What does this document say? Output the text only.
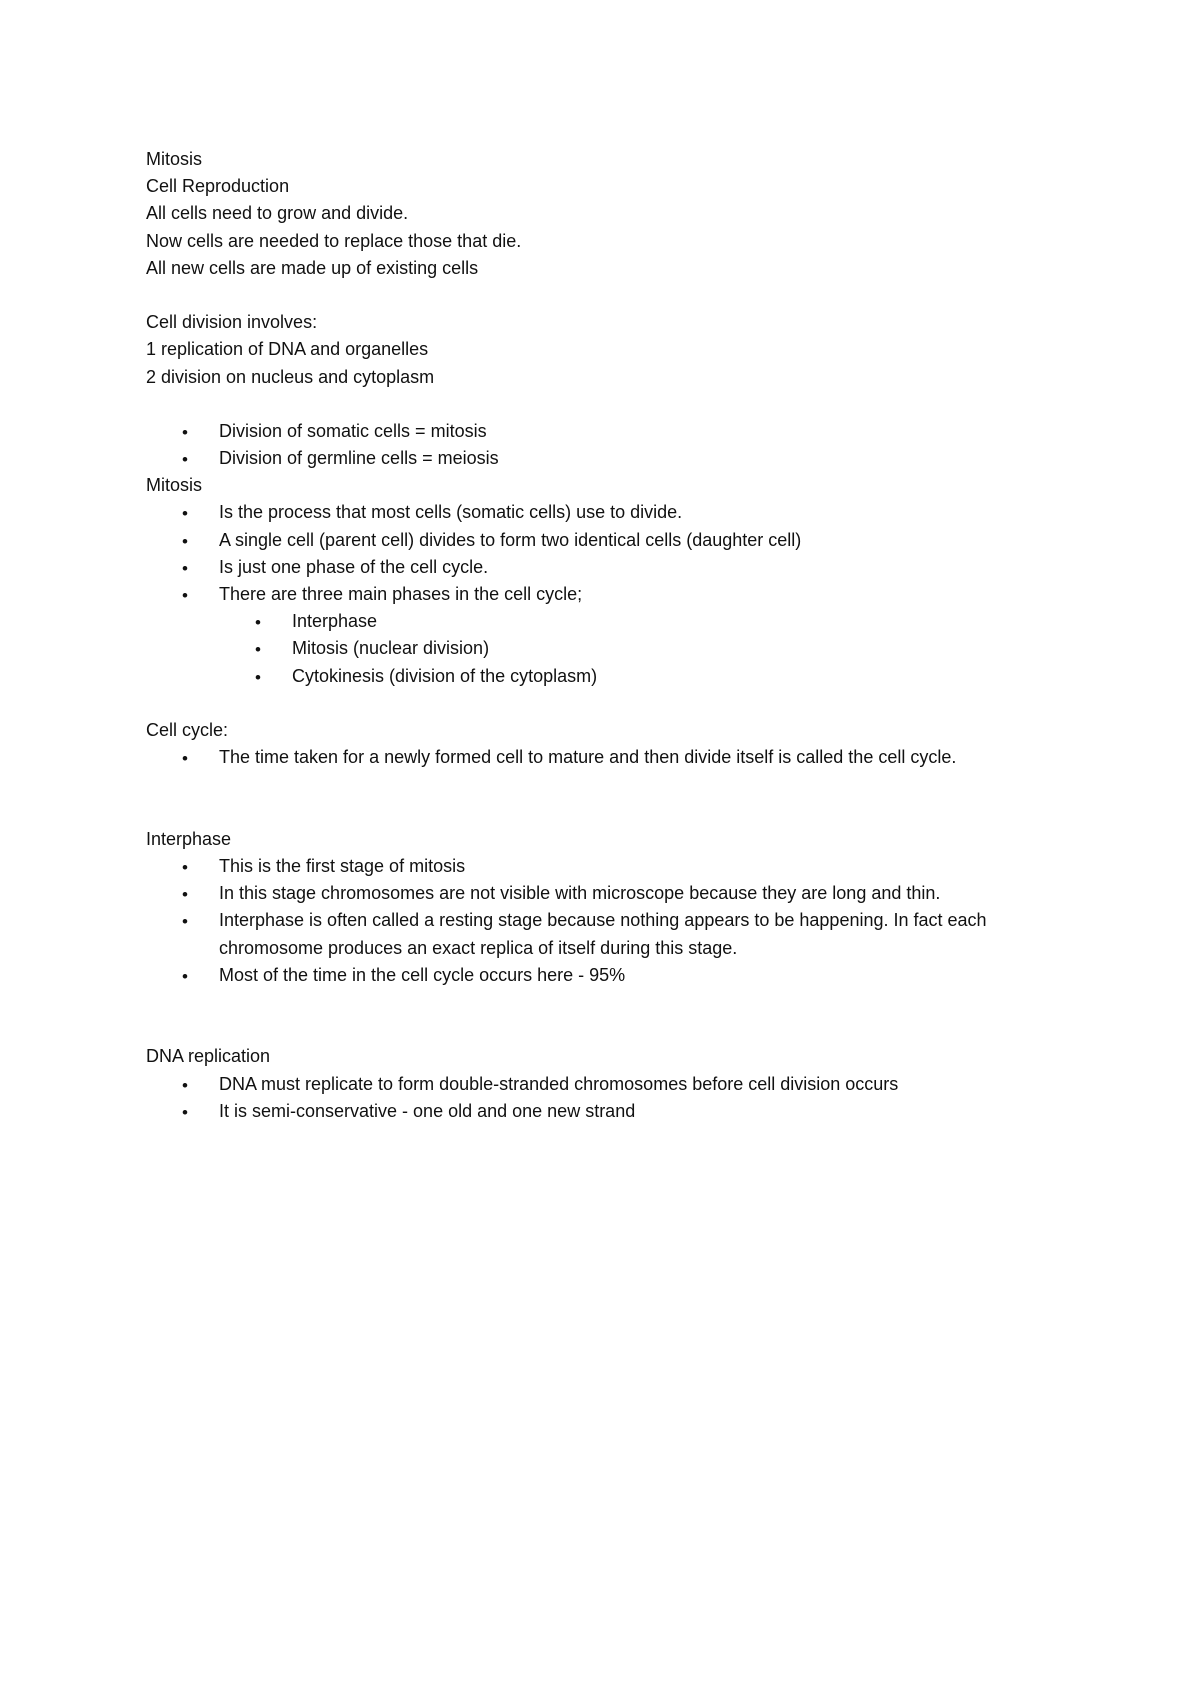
Mitosis
Cell Reproduction
All cells need to grow and divide.
Now cells are needed to replace those that die.
All new cells are made up of existing cells
Cell division involves:
1 replication of DNA and organelles
2 division on nucleus and cytoplasm
• Division of somatic cells = mitosis
• Division of germline cells = meiosis
Mitosis
• Is the process that most cells (somatic cells) use to divide.
• A single cell (parent cell) divides to form two identical cells (daughter cell)
• Is just one phase of the cell cycle.
• There are three main phases in the cell cycle;
• Interphase
• Mitosis (nuclear division)
• Cytokinesis (division of the cytoplasm)
Cell cycle:
• The time taken for a newly formed cell to mature and then divide itself is called the cell cycle.
Interphase
• This is the first stage of mitosis
• In this stage chromosomes are not visible with microscope because they are long and thin.
• Interphase is often called a resting stage because nothing appears to be happening. In fact each chromosome produces an exact replica of itself during this stage.
• Most of the time in the cell cycle occurs here - 95%
DNA replication
• DNA must replicate to form double-stranded chromosomes before cell division occurs
• It is semi-conservative - one old and one new strand
